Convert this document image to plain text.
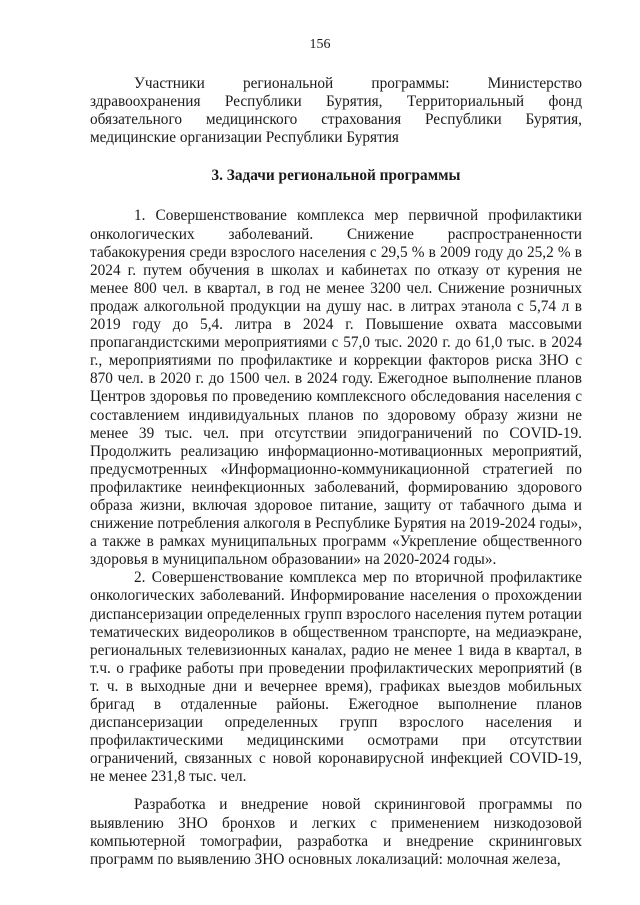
156

Участники региональной программы: Министерство здравоохранения Республики Бурятия, Территориальный фонд обязательного медицинского страхования Республики Бурятия, медицинские организации Республики Бурятия

3. Задачи региональной программы

1. Совершенствование комплекса мер первичной профилактики онкологических заболеваний. Снижение распространенности табакокурения среди взрослого населения с 29,5 % в 2009 году до 25,2 % в 2024 г. путем обучения в школах и кабинетах по отказу от курения не менее 800 чел. в квартал, в год не менее 3200 чел. Снижение розничных продаж алкогольной продукции на душу нас. в литрах этанола с 5,74 л в 2019 году до 5,4. литра в 2024 г. Повышение охвата массовыми пропагандистскими мероприятиями с 57,0 тыс. 2020 г. до 61,0 тыс. в 2024 г., мероприятиями по профилактике и коррекции факторов риска ЗНО с 870 чел. в 2020 г. до 1500 чел. в 2024 году. Ежегодное выполнение планов Центров здоровья по проведению комплексного обследования населения с составлением индивидуальных планов по здоровому образу жизни не менее 39 тыс. чел. при отсутствии эпидограничений по COVID-19. Продолжить реализацию информационно-мотивационных мероприятий, предусмотренных «Информационно-коммуникационной стратегией по профилактике неинфекционных заболеваний, формированию здорового образа жизни, включая здоровое питание, защиту от табачного дыма и снижение потребления алкоголя в Республике Бурятия на 2019-2024 годы», а также в рамках муниципальных программ «Укрепление общественного здоровья в муниципальном образовании» на 2020-2024 годы».

2. Совершенствование комплекса мер по вторичной профилактике онкологических заболеваний. Информирование населения о прохождении диспансеризации определенных групп взрослого населения путем ротации тематических видеороликов в общественном транспорте, на медиаэкране, региональных телевизионных каналах, радио не менее 1 вида в квартал, в т.ч. о графике работы при проведении профилактических мероприятий (в т. ч. в выходные дни и вечернее время), графиках выездов мобильных бригад в отдаленные районы. Ежегодное выполнение планов диспансеризации определенных групп взрослого населения и профилактическими медицинскими осмотрами при отсутствии ограничений, связанных с новой коронавирусной инфекцией COVID-19, не менее 231,8 тыс. чел.

Разработка и внедрение новой скрининговой программы по выявлению ЗНО бронхов и легких с применением низкодозовой компьютерной томографии, разработка и внедрение скрининговых программ по выявлению ЗНО основных локализаций: молочная железа,
